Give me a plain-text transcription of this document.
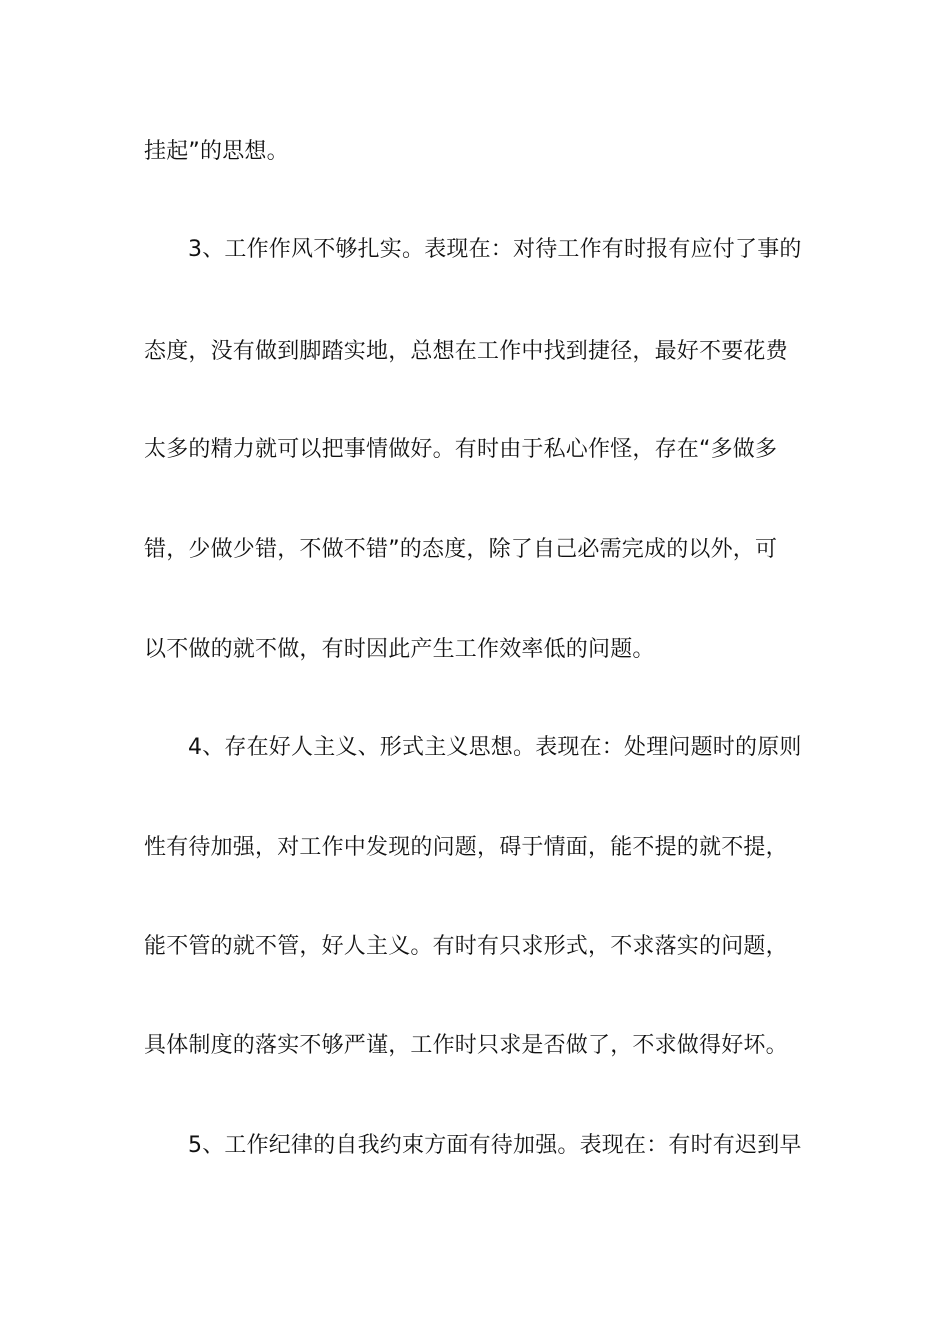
挂起”的思想。
3、工作作风不够扎实。表现在：对待工作有时报有应付了事的
态度，没有做到脚踏实地，总想在工作中找到捷径，最好不要花费
太多的精力就可以把事情做好。有时由于私心作怪，存在“多做多
错，少做少错，不做不错”的态度，除了自己必需完成的以外，可
以不做的就不做，有时因此产生工作效率低的问题。
4、存在好人主义、形式主义思想。表现在：处理问题时的原则
性有待加强，对工作中发现的问题，碍于情面，能不提的就不提，
能不管的就不管，好人主义。有时有只求形式，不求落实的问题，
具体制度的落实不够严谨，工作时只求是否做了，不求做得好坏。
5、工作纪律的自我约束方面有待加强。表现在：有时有迟到早
